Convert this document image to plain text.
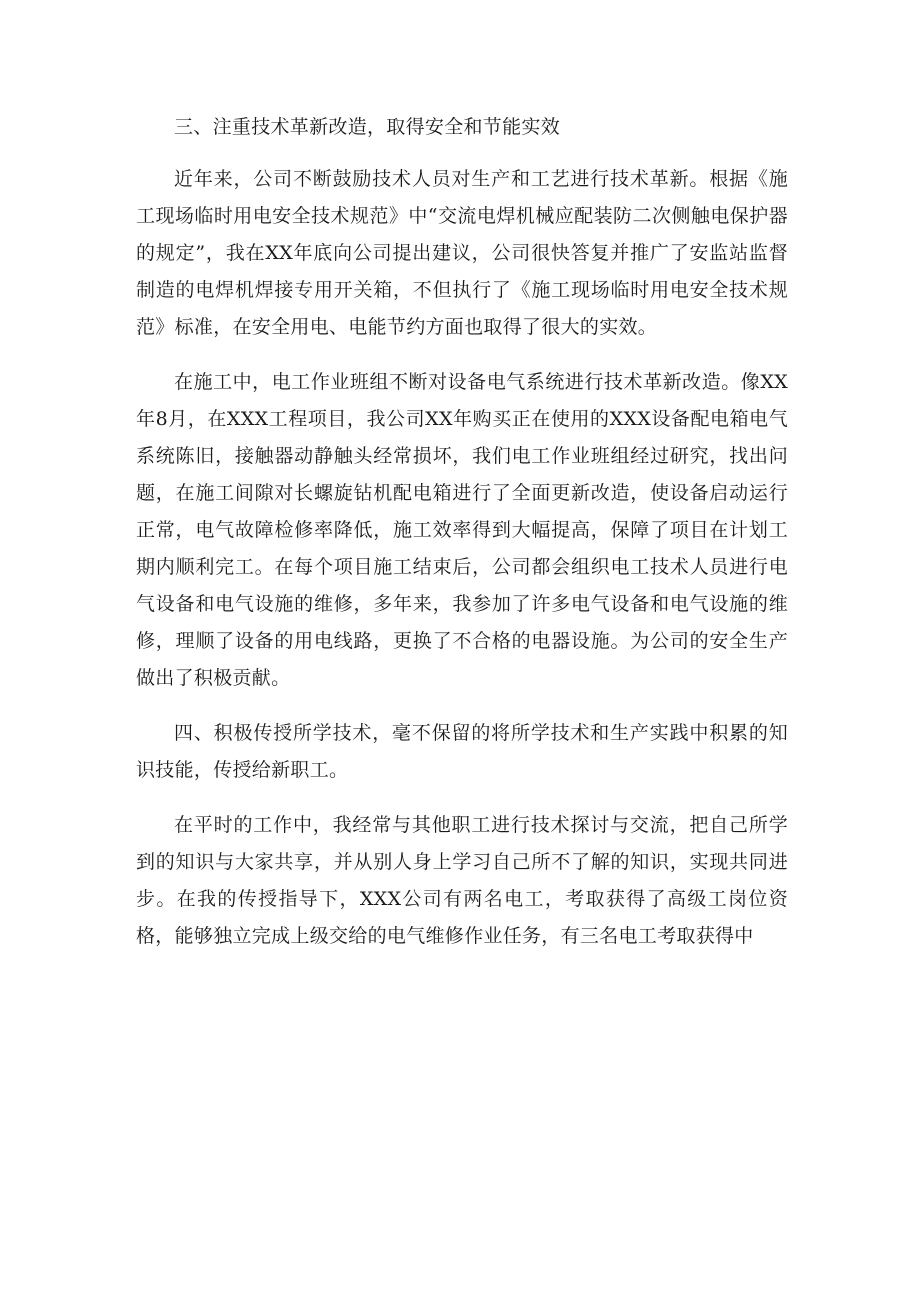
三、注重技术革新改造，取得安全和节能实效

近年来，公司不断鼓励技术人员对生产和工艺进行技术革新。根据《施工现场临时用电安全技术规范》中“交流电焊机械应配装防二次侧触电保护器的规定”，我在XX年底向公司提出建议，公司很快答复并推广了安监站监督制造的电焊机焊接专用开关箱，不但执行了《施工现场临时用电安全技术规范》标准，在安全用电、电能节约方面也取得了很大的实效。

在施工中，电工作业班组不断对设备电气系统进行技术革新改造。像XX年8月，在XXX工程项目，我公司XX年购买正在使用的XXX设备配电箱电气系统陈旧，接触器动静触头经常损坏，我们电工作业班组经过研究，找出问题，在施工间隙对长螺旋钻机配电箱进行了全面更新改造，使设备启动运行正常，电气故障检修率降低，施工效率得到大幅提高，保障了项目在计划工期内顺利完工。在每个项目施工结束后，公司都会组织电工技术人员进行电气设备和电气设施的维修，多年来，我参加了许多电气设备和电气设施的维修，理顺了设备的用电线路，更换了不合格的电器设施。为公司的安全生产做出了积极贡献。

四、积极传授所学技术，毫不保留的将所学技术和生产实践中积累的知识技能，传授给新职工。

在平时的工作中，我经常与其他职工进行技术探讨与交流，把自己所学到的知识与大家共享，并从别人身上学习自己所不了解的知识，实现共同进步。在我的传授指导下，XXX公司有两名电工，考取获得了高级工岗位资格，能够独立完成上级交给的电气维修作业任务，有三名电工考取获得中
